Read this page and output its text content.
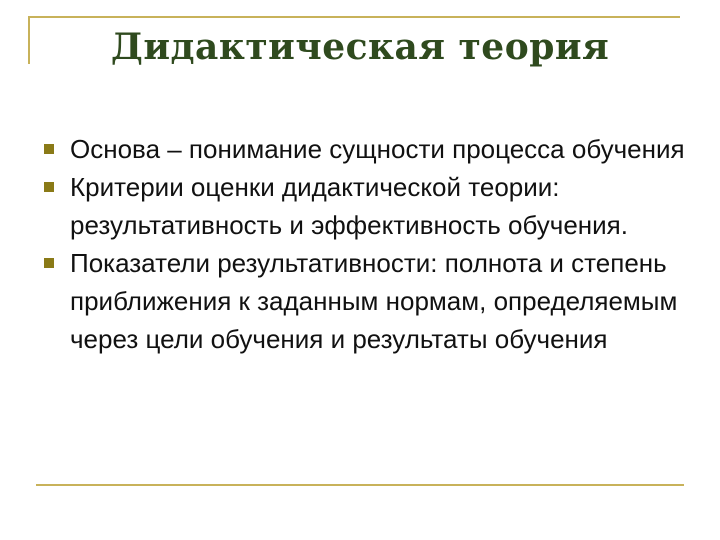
Дидактическая теория
Основа – понимание сущности процесса обучения
Критерии оценки дидактической теории: результативность и эффективность обучения.
Показатели результативности: полнота и степень приближения к заданным нормам, определяемым через цели обучения и результаты обучения
